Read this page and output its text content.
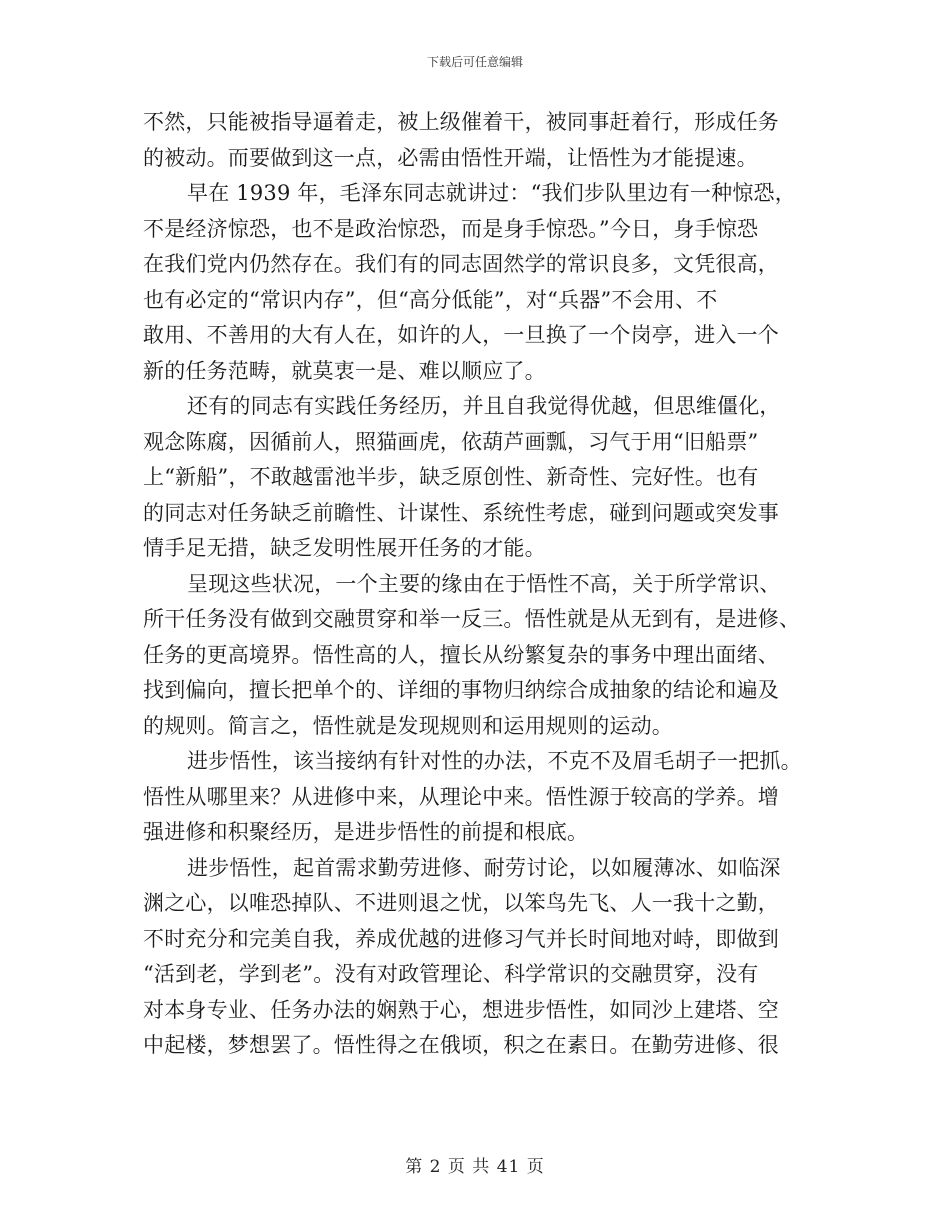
下载后可任意编辑

不然，只能被指导逼着走，被上级催着干，被同事赶着行，形成任务
的被动。而要做到这一点，必需由悟性开端，让悟性为才能提速。

早在 1939 年，毛泽东同志就讲过：“我们步队里边有一种惊恐，
不是经济惊恐，也不是政治惊恐，而是身手惊恐。”今日，身手惊恐
在我们党内仍然存在。我们有的同志固然学的常识良多，文凭很高，
也有必定的“常识内存”，但“高分低能”，对“兵器”不会用、不
敢用、不善用的大有人在，如许的人，一旦换了一个岗亭，进入一个
新的任务范畴，就莫衷一是、难以顺应了。

还有的同志有实践任务经历，并且自我觉得优越，但思维僵化，
观念陈腐，因循前人，照猫画虎，依葫芦画瓢，习气于用“旧船票”
上“新船”，不敢越雷池半步，缺乏原创性、新奇性、完好性。也有
的同志对任务缺乏前瞻性、计谋性、系统性考虑，碰到问题或突发事
情手足无措，缺乏发明性展开任务的才能。

呈现这些状况，一个主要的缘由在于悟性不高，关于所学常识、
所干任务没有做到交融贯穿和举一反三。悟性就是从无到有，是进修、
任务的更高境界。悟性高的人，擅长从纷繁复杂的事务中理出面绪、
找到偏向，擅长把单个的、详细的事物归纳综合成抽象的结论和遍及
的规则。简言之，悟性就是发现规则和运用规则的运动。

进步悟性，该当接纳有针对性的办法，不克不及眉毛胡子一把抓。
悟性从哪里来？从进修中来，从理论中来。悟性源于较高的学养。增
强进修和积聚经历，是进步悟性的前提和根底。

进步悟性，起首需求勤劳进修、耐劳讨论，以如履薄冰、如临深
渊之心，以唯恐掉队、不进则退之忧，以笨鸟先飞、人一我十之勤，
不时充分和完美自我，养成优越的进修习气并长时间地对峙，即做到
“活到老，学到老”。没有对政管理论、科学常识的交融贯穿，没有
对本身专业、任务办法的娴熟于心，想进步悟性，如同沙上建塔、空
中起楼，梦想罢了。悟性得之在俄顷，积之在素日。在勤劳进修、很

第 2 页 共 41 页
